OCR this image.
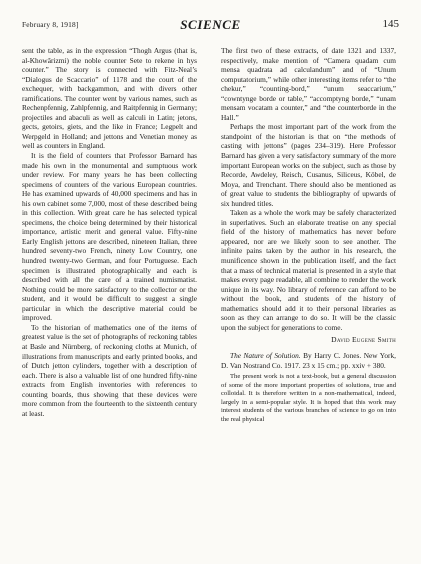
February 8, 1918]	SCIENCE	145

sent the table, as in the expression “Thogh Argus (that is, al-Khowârizmi) the noble counter Sete to rekene in hys counter.” The story is connected with Fitz-Neal’s “Dialogus de Scaccario” of 1178 and the court of the exchequer, with backgammon, and with divers other ramifications. The counter went by various names, such as Rechenpfennig, Zahlpfennig, and Raitpfennig in Germany; projectiles and abaculi as well as calculi in Latin; jetons, gects, getoirs, giets, and the like in France; Legpelt and Werpgeld in Holland; and jettons and Venetian money as well as counters in England.

It is the field of counters that Professor Barnard has made his own in the monumental and sumptuous work under review. For many years he has been collecting specimens of counters of the various European countries. He has examined upwards of 40,000 specimens and has in his own cabinet some 7,000, most of these described being in this collection. With great care he has selected typical specimens, the choice being determined by their historical importance, artistic merit and general value. Fifty-nine Early English jettons are described, nineteen Italian, three hundred seventy-two French, ninety Low Country, one hundred twenty-two German, and four Portuguese. Each specimen is illustrated photographically and each is described with all the care of a trained numismatist. Nothing could be more satisfactory to the collector or the student, and it would be difficult to suggest a single particular in which the descriptive material could be improved.

To the historian of mathematics one of the items of greatest value is the set of photographs of reckoning tables at Basle and Nürnberg, of reckoning cloths at Munich, of illustrations from manuscripts and early printed books, and of Dutch jetton cylinders, together with a description of each. There is also a valuable list of one hundred fifty-nine extracts from English inventories with references to counting boards, thus showing that these devices were more common from the fourteenth to the sixteenth century at least.

The first two of these extracts, of date 1321 and 1337, respectively, make mention of “Camera quadam cum mensa quadrata ad calculandum” and of “Unum computatorium,” while other interesting items refer to “the chekur,” “counting-bord,” “unum seaccarium,” “cowntynge borde or table,” “accomptyng borde,” “unam mensam vocatam a counter,” and “the counterborde in the Hall.”

Perhaps the most important part of the work from the standpoint of the historian is that on “the methods of casting with jettons” (pages 234–319). Here Professor Barnard has given a very satisfactory summary of the more important European works on the subject, such as those by Recorde, Awdeley, Reisch, Cusanus, Siliceus, Köbel, de Moya, and Trenchant. There should also be mentioned as of great value to students the bibliography of upwards of six hundred titles.

Taken as a whole the work may be safely characterized in superlatives. Such an elaborate treatise on any special field of the history of mathematics has never before appeared, nor are we likely soon to see another. The infinite pains taken by the author in his research, the munificence shown in the publication itself, and the fact that a mass of technical material is presented in a style that makes every page readable, all combine to render the work unique in its way. No library of reference can afford to be without the book, and students of the history of mathematics should add it to their personal libraries as soon as they can arrange to do so. It will be the classic upon the subject for generations to come.

David Eugene Smith

The Nature of Solution. By Harry C. Jones. New York, D. Van Nostrand Co. 1917. 23 x 15 cm.; pp. xxiv + 380.

The present work is not a text-book, but a general discussion of some of the more important properties of solutions, true and colloidal. It is therefore written in a non-mathematical, indeed, largely in a semi-popular style. It is hoped that this work may interest students of the various branches of science to go on into the real physical
